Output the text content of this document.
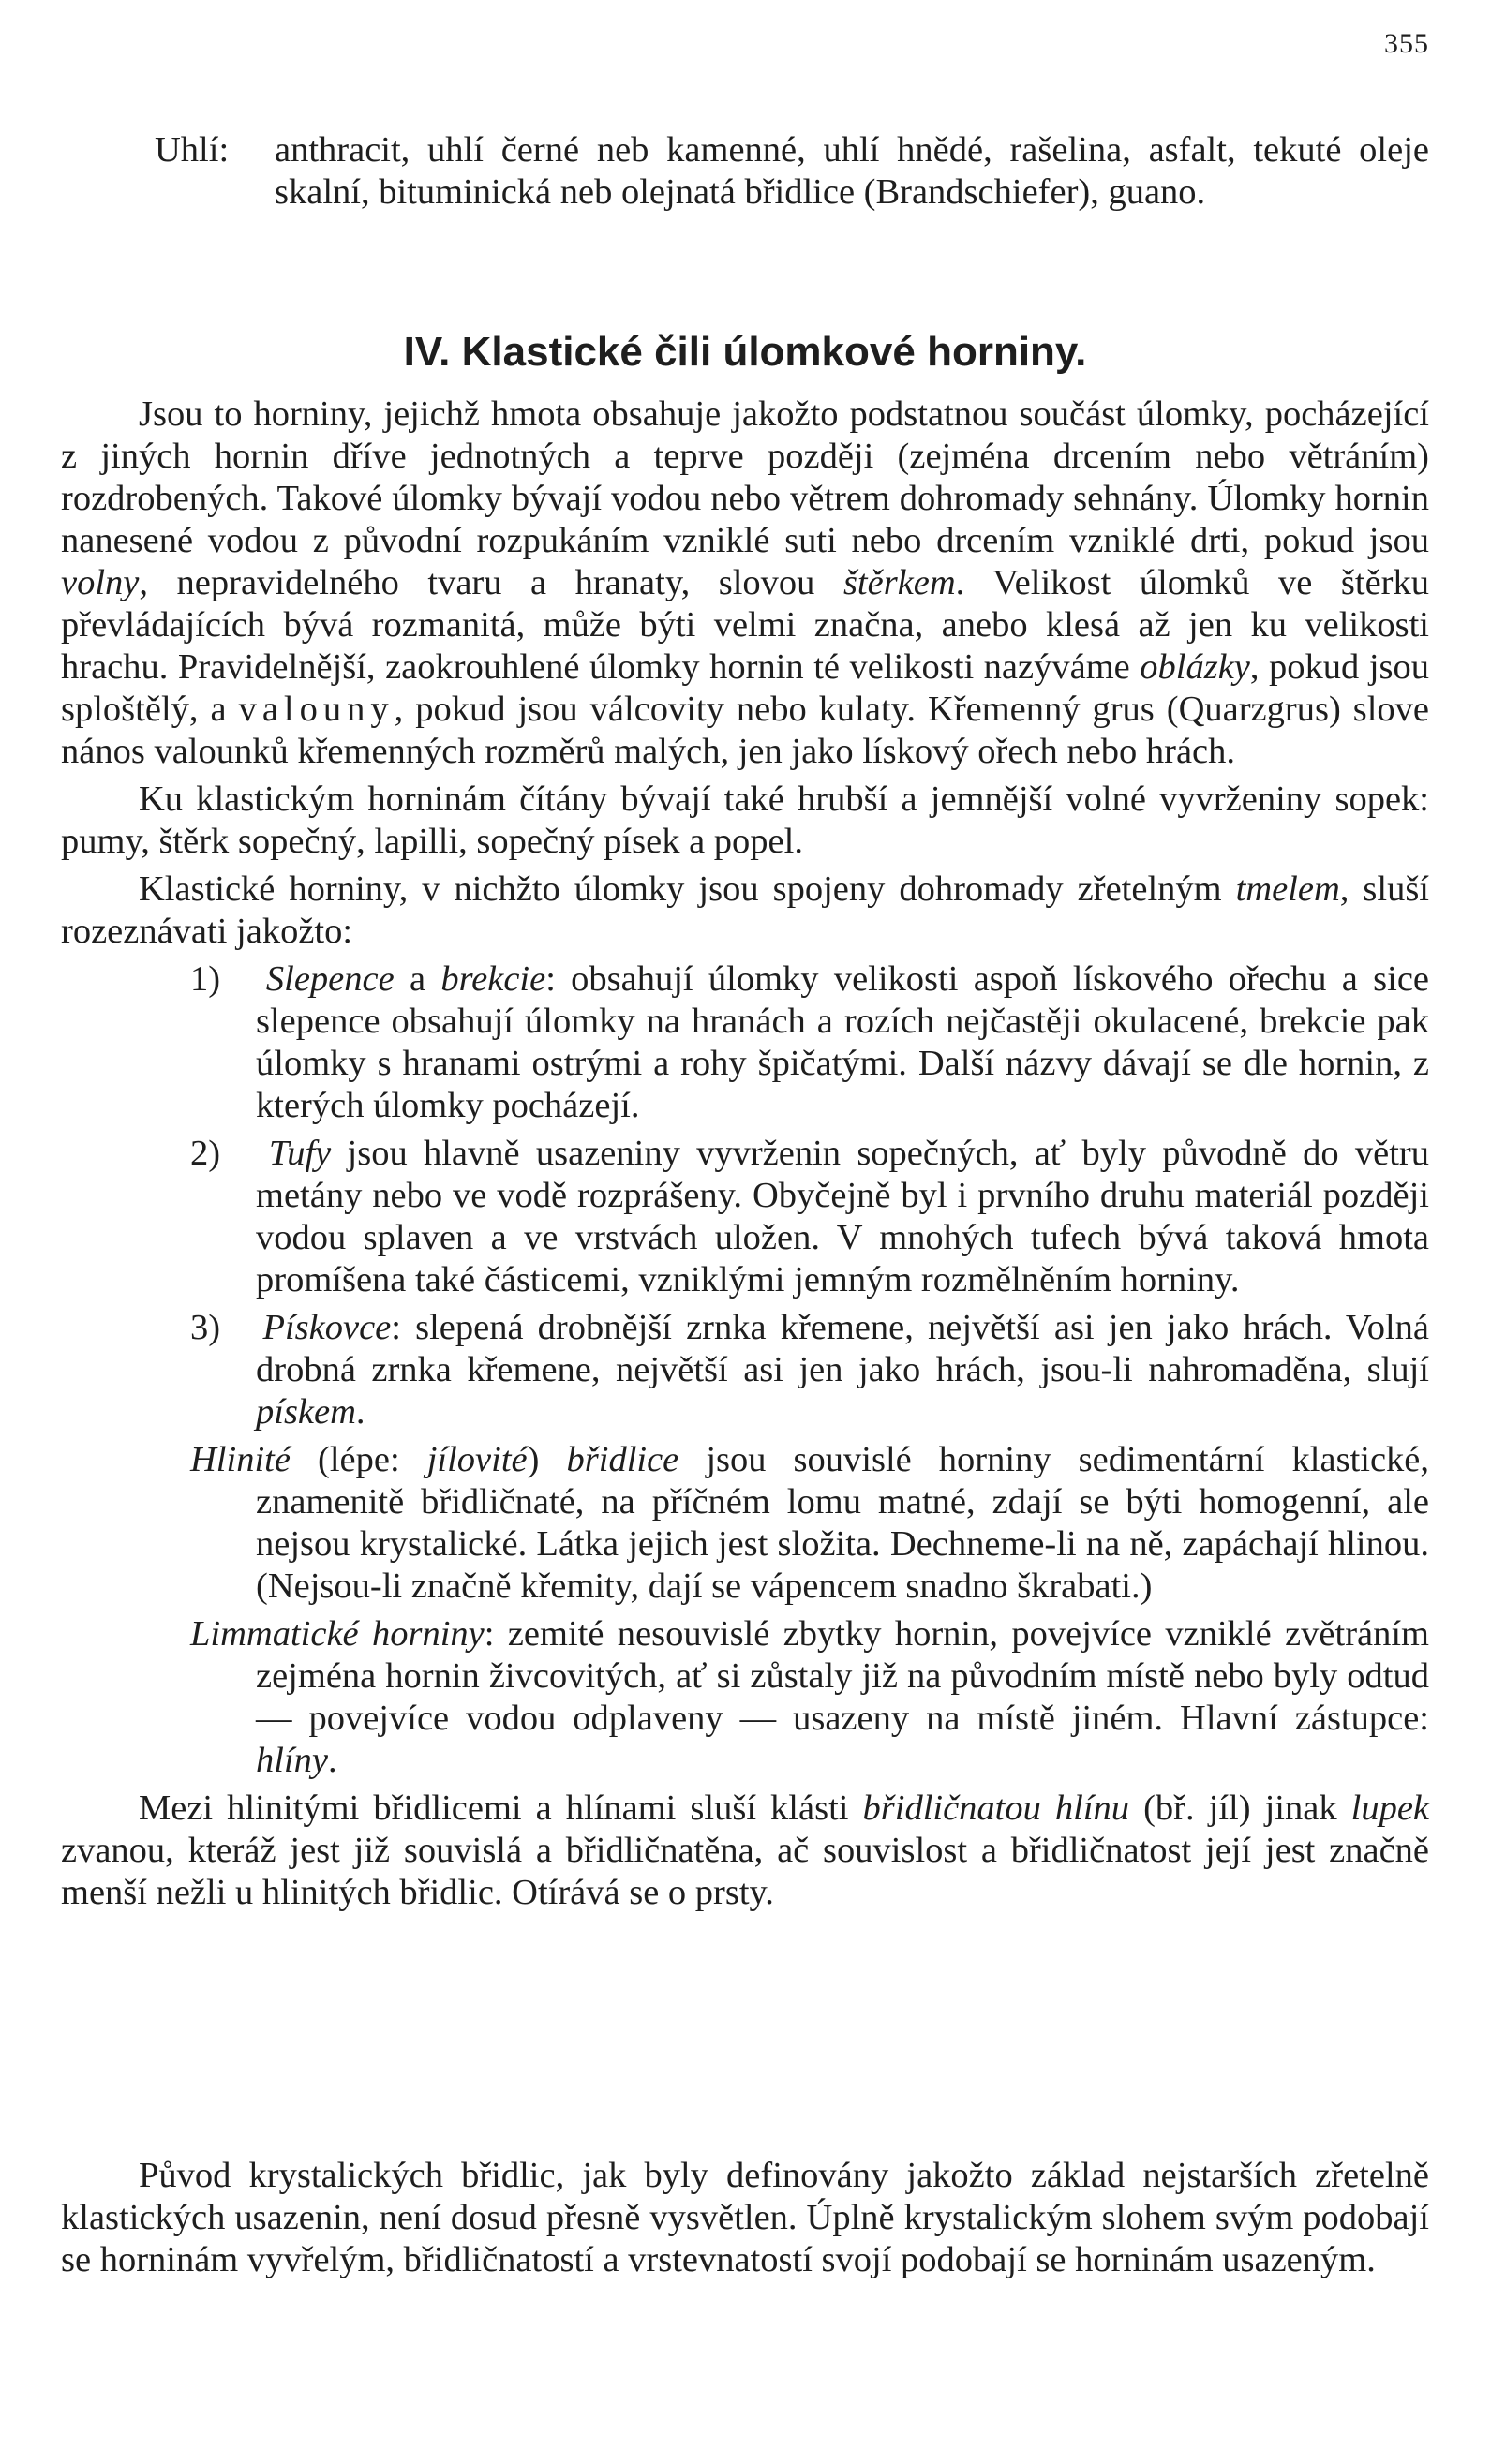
355
Uhlí:	anthracit, uhlí černé neb kamenné, uhlí hnědé, rašelina, asfalt, tekuté oleje skalní, bituminická neb olejnatá břidlice (Brandschiefer), guano.
IV. Klastické čili úlomkové horniny.

Jsou to horniny, jejichž hmota obsahuje jakožto podstatnou součást úlomky, pocházející z jiných hornin dříve jednotných a teprve později (zejména drcením nebo větráním) rozdrobených. Takové úlomky bývají vodou nebo větrem dohromady sehnány. Úlomky hornin nanesené vodou z původní rozpukáním vzniklé suti nebo drcením vzniklé drti, pokud jsou volny, nepravidelného tvaru a hranaty, slovou štěrkem. Velikost úlomků ve štěrku převládajících bývá rozmanitá, může býti velmi značna, anebo klesá až jen ku velikosti hrachu. Pravidelnější, zaokrouhlené úlomky hornin té velikosti nazýváme oblázky, pokud jsou sploštělý, a valouny, pokud jsou válcovity nebo kulaty. Křemenný grus (Quarzgrus) slove nános valounků křemenných rozměrů malých, jen jako lískový ořech nebo hrách.

Ku klastickým horninám čítány bývají také hrubší a jemnější volné vyvrženiny sopek: pumy, štěrk sopečný, lapilli, sopečný písek a popel.

Klastické horniny, v nichžto úlomky jsou spojeny dohromady zřetelným tmelem, sluší rozeznávati jakožto:

1) Slepence a brekcie: obsahují úlomky velikosti aspoň lískového ořechu a sice slepence obsahují úlomky na hranách a rozích nejčastěji okulacené, brekcie pak úlomky s hranami ostrými a rohy špičatými. Další názvy dávají se dle hornin, z kterých úlomky pocházejí.
2) Tufy jsou hlavně usazeniny vyvrženin sopečných, ať byly původně do větru metány nebo ve vodě rozprášeny. Obyčejně byl i prvního druhu materiál později vodou splaven a ve vrstvách uložen. V mnohých tufech bývá taková hmota promíšena také částicemi, vzniklými jemným rozmělněním horniny.
3) Pískovce: slepená drobnější zrnka křemene, největší asi jen jako hrách. Volná drobná zrnka křemene, největší asi jen jako hrách, jsou-li nahromaděna, slují pískem.
Hlinité (lépe: jílovité) břidlice jsou souvislé horniny sedimentární klastické, znamenitě břidličnaté, na příčném lomu matné, zdají se býti homogenní, ale nejsou krystalické. Látka jejich jest složita. Dechneme-li na ně, zapáchají hlinou. (Nejsou-li značně křemity, dají se vápencem snadno škrabati.)
Limmatické horniny: zemité nesouvislé zbytky hornin, povejvíce vzniklé zvětráním zejména hornin živcovitých, ať si zůstaly již na původním místě nebo byly odtud — povejvíce vodou odplaveny — usazeny na místě jiném. Hlavní zástupce: hlíny.

Mezi hlinitými břidlicemi a hlínami sluší klásti břidličnatou hlínu (bř. jíl) jinak lupek zvanou, kteráž jest již souvislá a břidličnatěna, ač souvislost a břidličnatost její jest značně menší nežli u hlinitých břidlic. Otírává se o prsty.

Původ krystalických břidlic, jak byly definovány jakožto základ nejstarších zřetelně klastických usazenin, není dosud přesně vysvětlen. Úplně krystalickým slohem svým podobají se horninám vyvřelým, břidličnatostí a vrstevnatostí svojí podobají se horninám usazeným.
